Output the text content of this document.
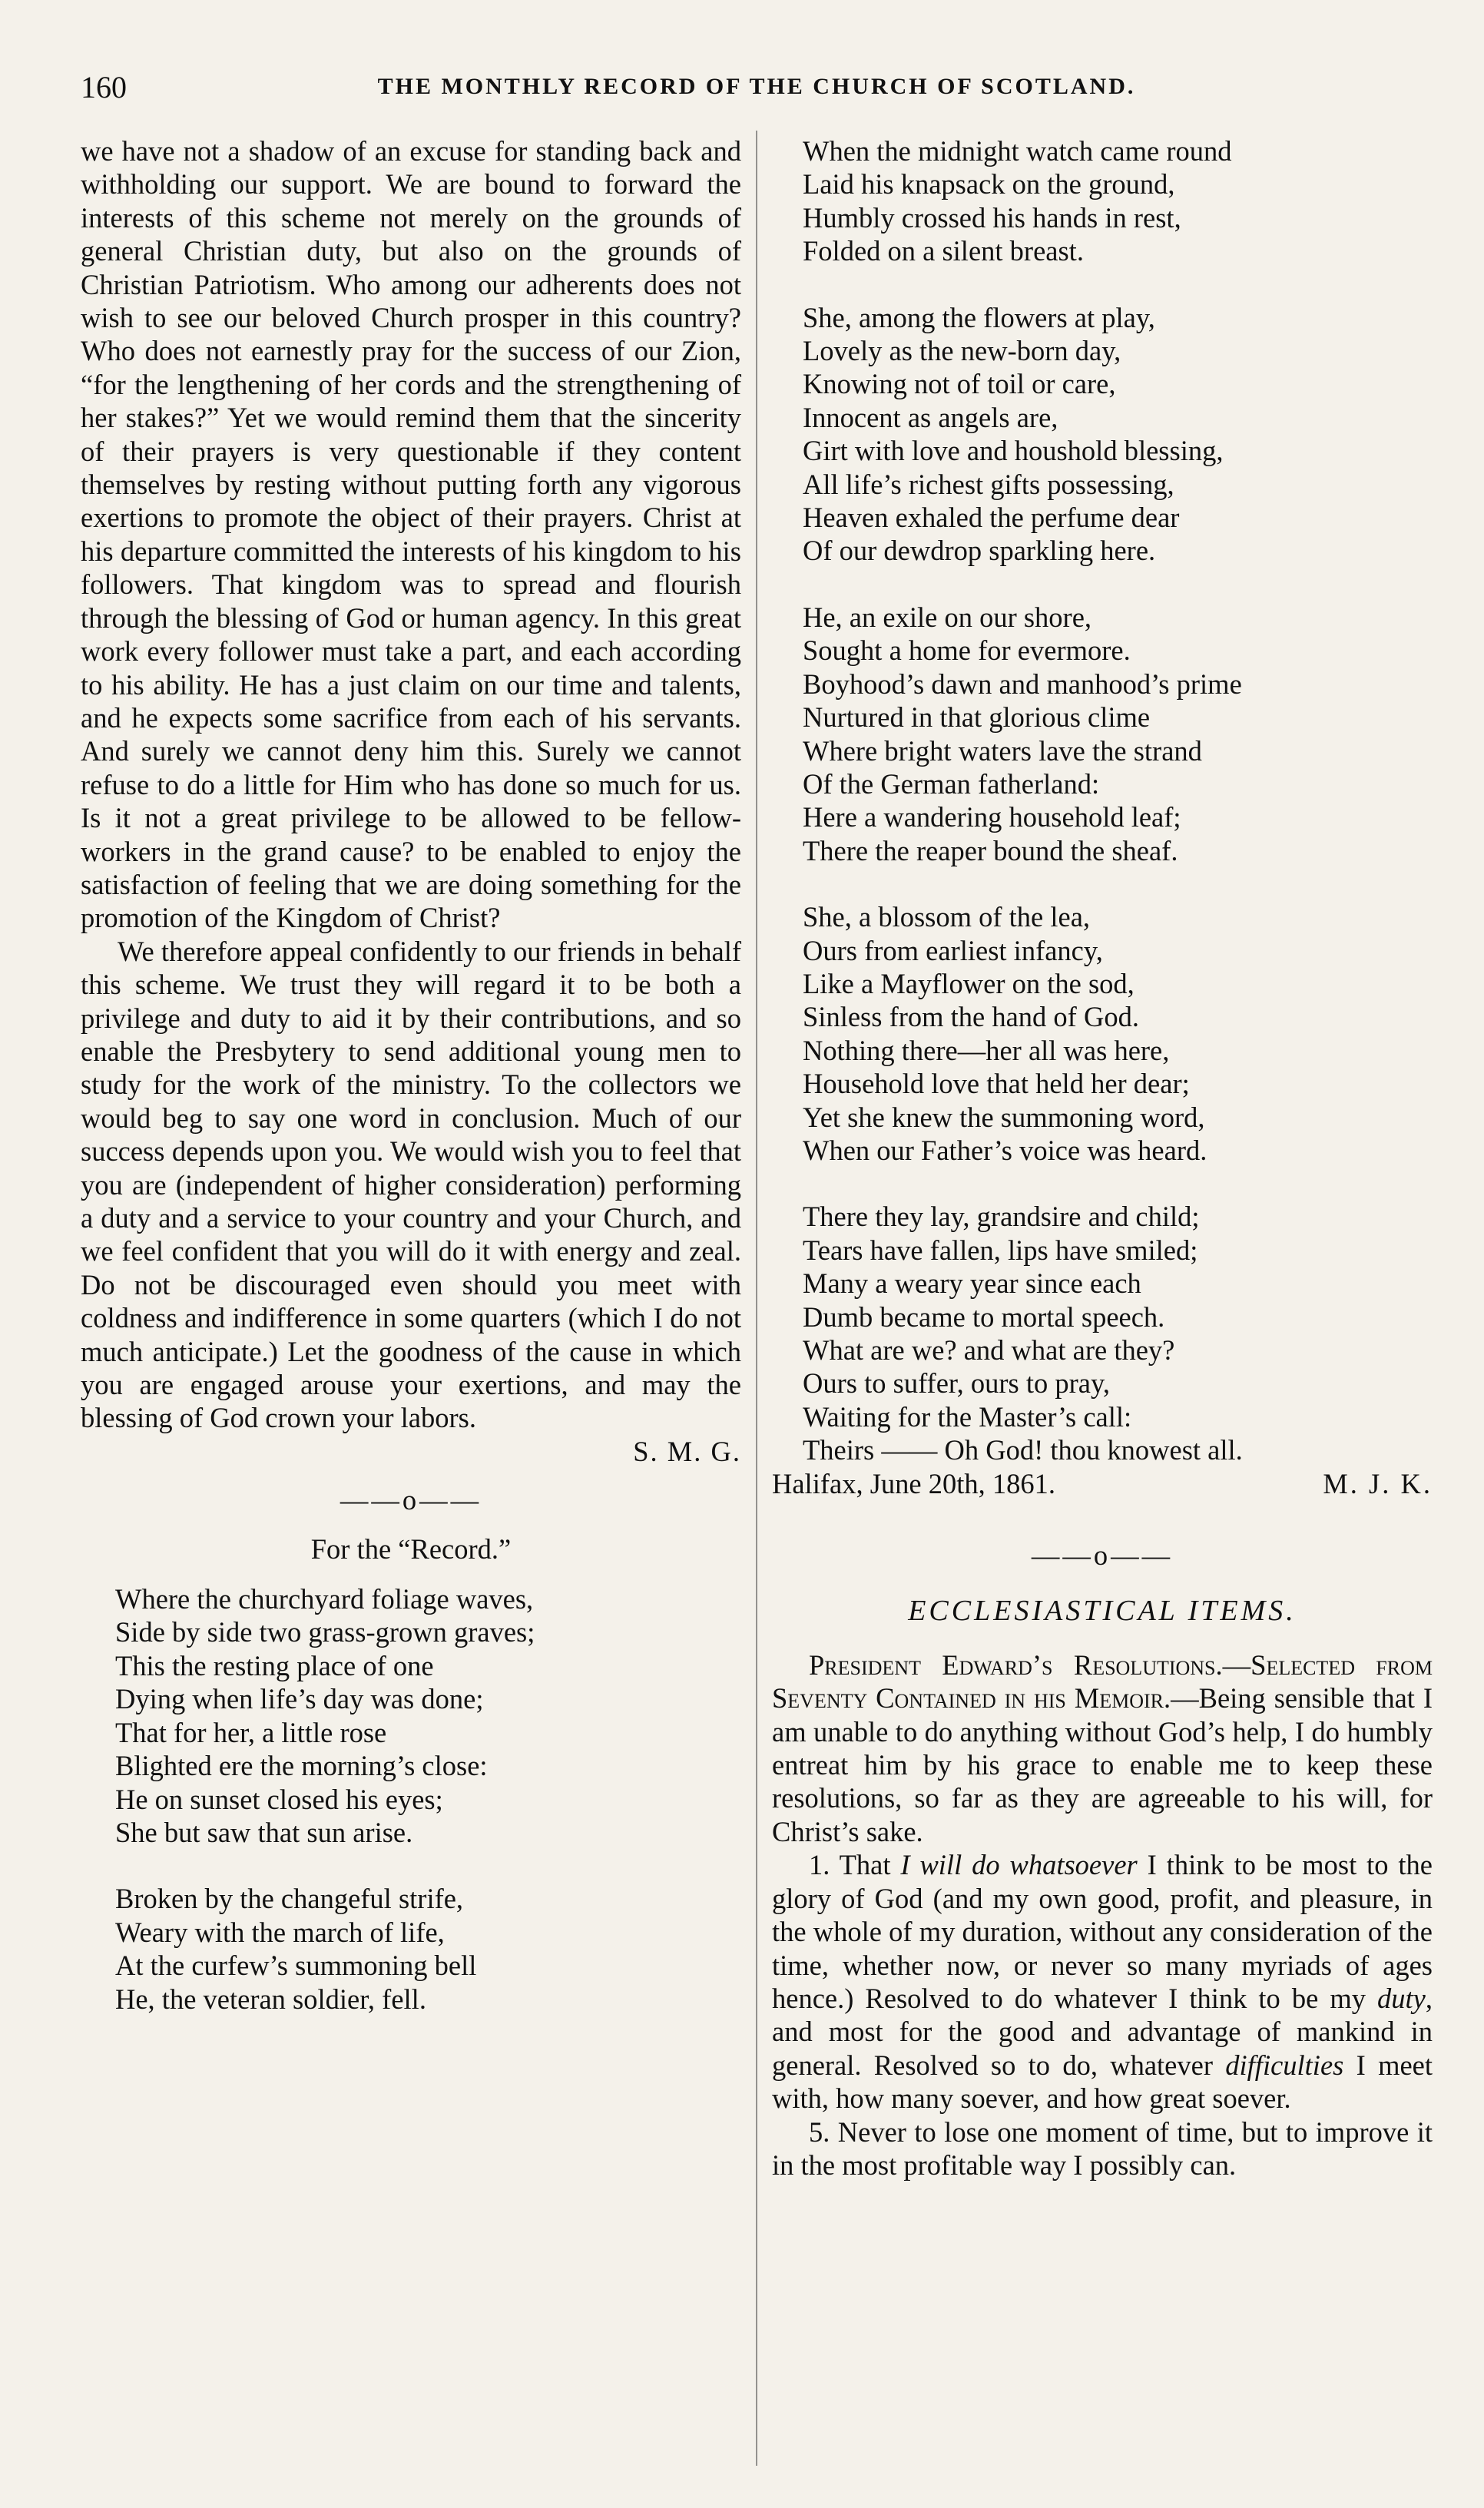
160	THE MONTHLY RECORD OF THE CHURCH OF SCOTLAND.

we have not a shadow of an excuse for standing back and withholding our support. We are bound to forward the interests of this scheme not merely on the grounds of general Christian duty, but also on the grounds of Christian Patriotism. Who among our adherents does not wish to see our beloved Church prosper in this country? Who does not earnestly pray for the success of our Zion, “for the lengthening of her cords and the strengthening of her stakes?” Yet we would remind them that the sincerity of their prayers is very questionable if they content themselves by resting without putting forth any vigorous exertions to promote the object of their prayers. Christ at his departure committed the interests of his kingdom to his followers. That kingdom was to spread and flourish through the blessing of God or human agency. In this great work every follower must take a part, and each according to his ability. He has a just claim on our time and talents, and he expects some sacrifice from each of his servants. And surely we cannot deny him this. Surely we cannot refuse to do a little for Him who has done so much for us. Is it not a great privilege to be allowed to be fellow-workers in the grand cause? to be enabled to enjoy the satisfaction of feeling that we are doing something for the promotion of the Kingdom of Christ?

We therefore appeal confidently to our friends in behalf this scheme. We trust they will regard it to be both a privilege and duty to aid it by their contributions, and so enable the Presbytery to send additional young men to study for the work of the ministry. To the collectors we would beg to say one word in conclusion. Much of our success depends upon you. We would wish you to feel that you are (independent of higher consideration) performing a duty and a service to your country and your Church, and we feel confident that you will do it with energy and zeal. Do not be discouraged even should you meet with coldness and indifference in some quarters (which I do not much anticipate.) Let the goodness of the cause in which you are engaged arouse your exertions, and may the blessing of God crown your labors.

S. M. G.
——o——
For the “Record.”
Where the churchyard foliage waves,
Side by side two grass-grown graves;
This the resting place of one
Dying when life’s day was done;
That for her, a little rose
Blighted ere the morning’s close:
He on sunset closed his eyes;
She but saw that sun arise.
Broken by the changeful strife,
Weary with the march of life,
At the curfew’s summoning bell
He, the veteran soldier, fell.
When the midnight watch came round
Laid his knapsack on the ground,
Humbly crossed his hands in rest,
Folded on a silent breast.
She, among the flowers at play,
Lovely as the new-born day,
Knowing not of toil or care,
Innocent as angels are,
Girt with love and houshold blessing,
All life’s richest gifts possessing,
Heaven exhaled the perfume dear
Of our dewdrop sparkling here.
He, an exile on our shore,
Sought a home for evermore.
Boyhood’s dawn and manhood’s prime
Nurtured in that glorious clime
Where bright waters lave the strand
Of the German fatherland:
Here a wandering household leaf;
There the reaper bound the sheaf.
She, a blossom of the lea,
Ours from earliest infancy,
Like a Mayflower on the sod,
Sinless from the hand of God.
Nothing there—her all was here,
Household love that held her dear;
Yet she knew the summoning word,
When our Father’s voice was heard.
There they lay, grandsire and child;
Tears have fallen, lips have smiled;
Many a weary year since each
Dumb became to mortal speech.
What are we? and what are they?
Ours to suffer, ours to pray,
Waiting for the Master’s call:
Theirs —— Oh God! thou knowest all.
Halifax, June 20th, 1861.	M. J. K.
——o——
ECCLESIASTICAL ITEMS.

President Edward’s Resolutions.—Selected from Seventy Contained in his Memoir.—Being sensible that I am unable to do anything without God’s help, I do humbly entreat him by his grace to enable me to keep these resolutions, so far as they are agreeable to his will, for Christ’s sake.

1. That I will do whatsoever I think to be most to the glory of God (and my own good, profit, and pleasure, in the whole of my duration, without any consideration of the time, whether now, or never so many myriads of ages hence.) Resolved to do whatever I think to be my duty, and most for the good and advantage of mankind in general. Resolved so to do, whatever difficulties I meet with, how many soever, and how great soever.

5. Never to lose one moment of time, but to improve it in the most profitable way I possibly can.
